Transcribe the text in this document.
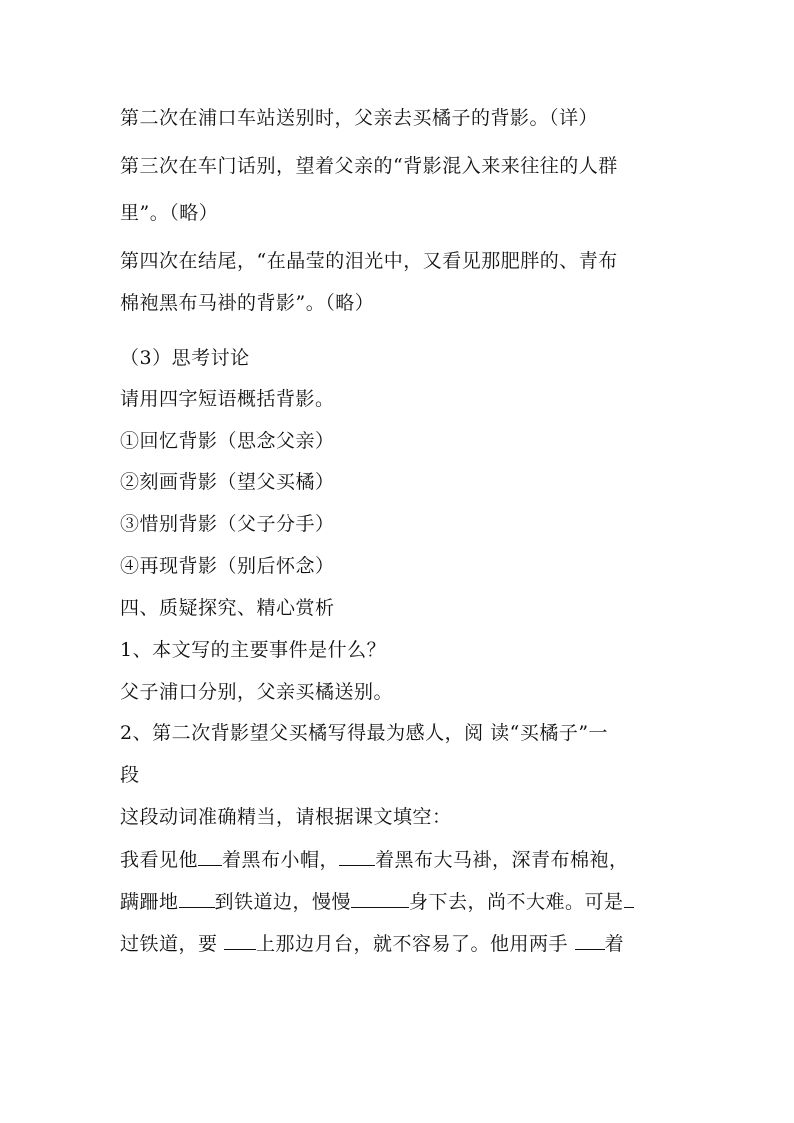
第二次在浦口车站送别时，父亲去买橘子的背影。（详）
第三次在车门话别，望着父亲的“背影混入来来往往的人群
里”。（略）
第四次在结尾，“在晶莹的泪光中，又看见那肥胖的、青布
棉袍黑布马褂的背影”。（略）
（3）思考讨论
请用四字短语概括背影。
①回忆背影（思念父亲）
②刻画背影（望父买橘）
③惜别背影（父子分手）
④再现背影（别后怀念）
四、质疑探究、精心赏析
1、本文写的主要事件是什么？
父子浦口分别，父亲买橘送别。
2、第二次背影望父买橘写得最为感人，阅 读“买橘子”一
段
这段动词准确精当，请根据课文填空：
我看见他 着黑布小帽， 着黑布大马褂，深青布棉袍，
蹒跚地 到铁道边，慢慢	身下去，尚不大难。可是
过铁道，要 上那边月台，就不容易了。他用两手 着
